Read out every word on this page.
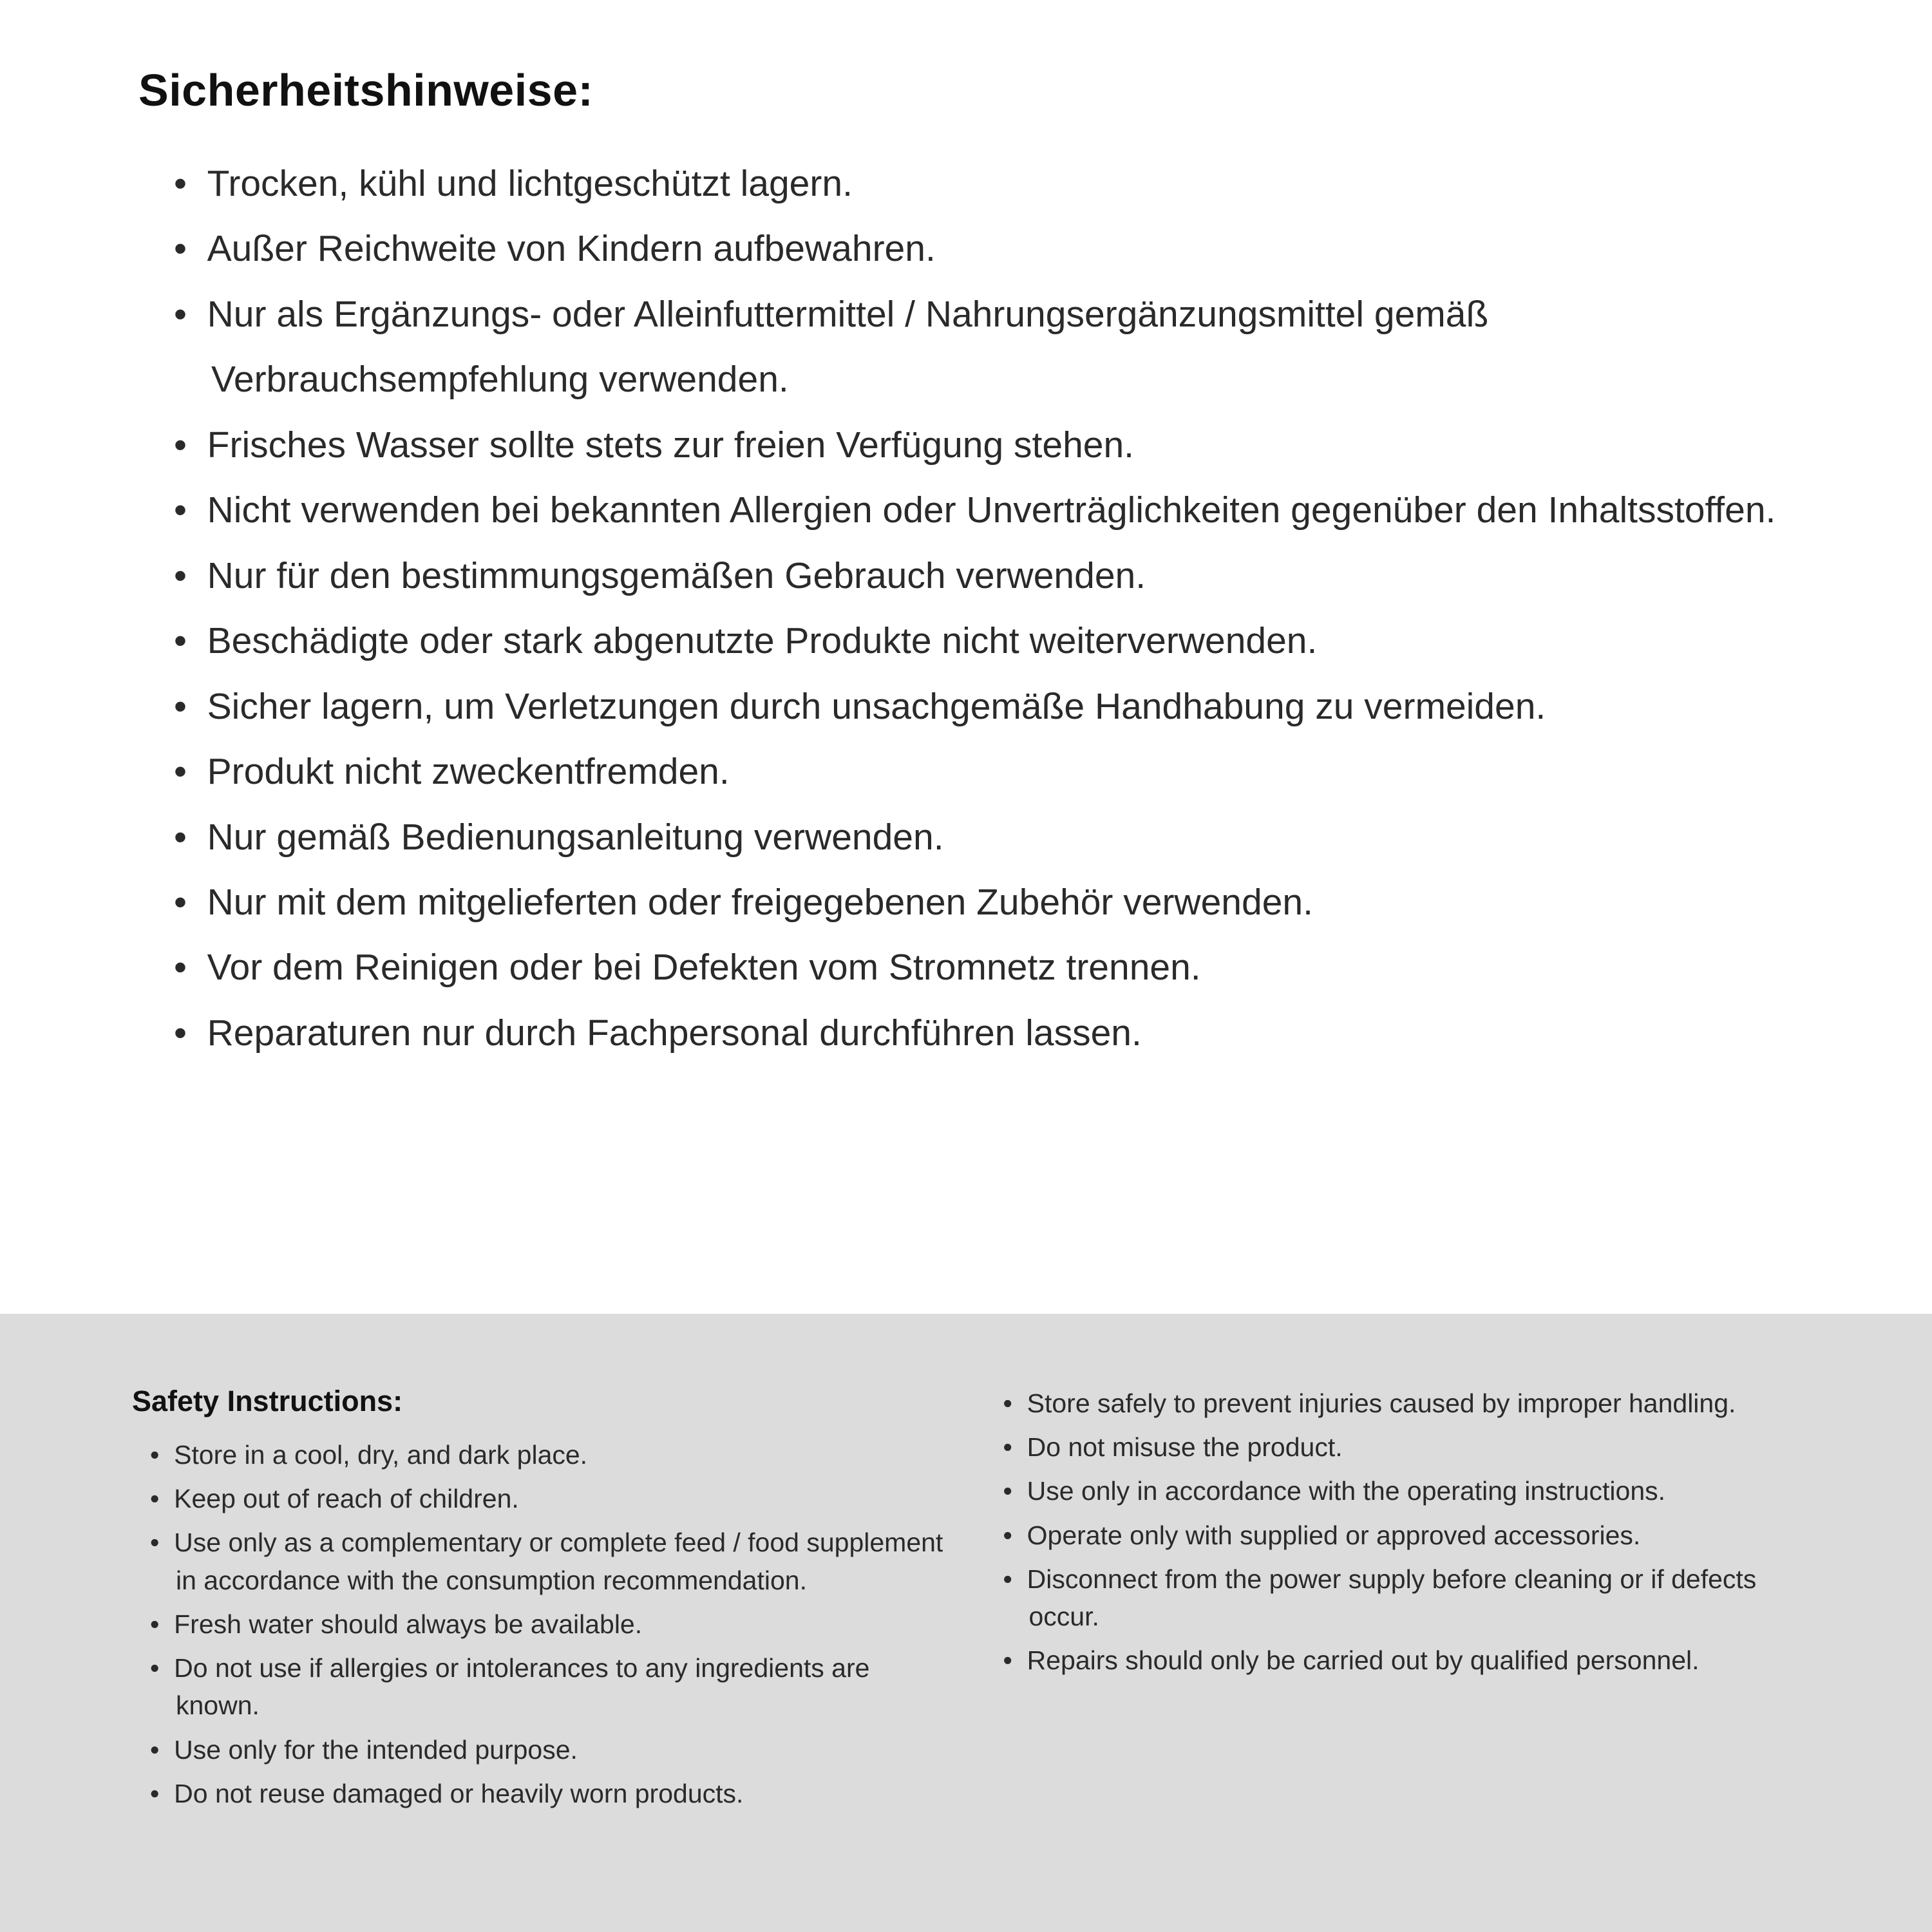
Sicherheitshinweise:
•  Trocken, kühl und lichtgeschützt lagern.
•  Außer Reichweite von Kindern aufbewahren.
•  Nur als Ergänzungs- oder Alleinfuttermittel / Nahrungsergänzungsmittel gemäß Verbrauchsempfehlung verwenden.
•  Frisches Wasser sollte stets zur freien Verfügung stehen.
•  Nicht verwenden bei bekannten Allergien oder Unverträglichkeiten gegenüber den Inhaltsstoffen.
•  Nur für den bestimmungsgemäßen Gebrauch verwenden.
•  Beschädigte oder stark abgenutzte Produkte nicht weiterverwenden.
•  Sicher lagern, um Verletzungen durch unsachgemäße Handhabung zu vermeiden.
•  Produkt nicht zweckentfremden.
•  Nur gemäß Bedienungsanleitung verwenden.
•  Nur mit dem mitgelieferten oder freigegebenen Zubehör verwenden.
•  Vor dem Reinigen oder bei Defekten vom Stromnetz trennen.
•  Reparaturen nur durch Fachpersonal durchführen lassen.
Safety Instructions:
•  Store in a cool, dry, and dark place.
•  Keep out of reach of children.
•  Use only as a complementary or complete feed / food supplement in accordance with the consumption recommendation.
•  Fresh water should always be available.
•  Do not use if allergies or intolerances to any ingredients are known.
•  Use only for the intended purpose.
•  Do not reuse damaged or heavily worn products.
•  Store safely to prevent injuries caused by improper handling.
•  Do not misuse the product.
•  Use only in accordance with the operating instructions.
•  Operate only with supplied or approved accessories.
•  Disconnect from the power supply before cleaning or if defects occur.
•  Repairs should only be carried out by qualified personnel.
